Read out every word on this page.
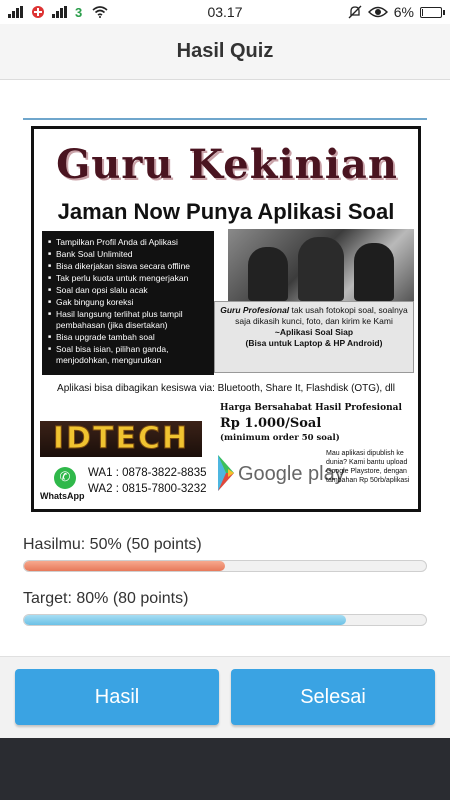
3	03.17	6%
Hasil Quiz
Guru Kekinian
Jaman Now Punya Aplikasi Soal
■ Tampilkan Profil Anda di Aplikasi
■ Bank Soal Unlimited
■ Bisa dikerjakan siswa secara offline
■ Tak perlu kuota untuk mengerjakan
■ Soal dan opsi slalu acak
■ Gak bingung koreksi
■ Hasil langsung terlihat plus tampil pembahasan (jika disertakan)
■ Bisa upgrade tambah soal
■ Soal bisa isian, pilihan ganda, menjodohkan, mengurutkan
Guru Profesional tak usah fotokopi soal, soalnya saja dikasih kunci, foto, dan kirim ke Kami
~Aplikasi Soal Siap
(Bisa untuk Laptop & HP Android)
Aplikasi bisa dibagikan kesiswa via: Bluetooth, Share It, Flashdisk (OTG), dll
IDTECH
✆
WhatsApp
WA1 : 0878-3822-8835
WA2 : 0815-7800-3232
Harga Bersahabat Hasil Profesional
Rp 1.000/Soal
(minimum order 50 soal)
Google play
Mau aplikasi dipublish ke dunia? Kami bantu upload Google Playstore, dengan tambahan Rp 50rb/aplikasi
Hasilmu: 50% (50 points)
Target: 80% (80 points)
Hasil	Selesai
